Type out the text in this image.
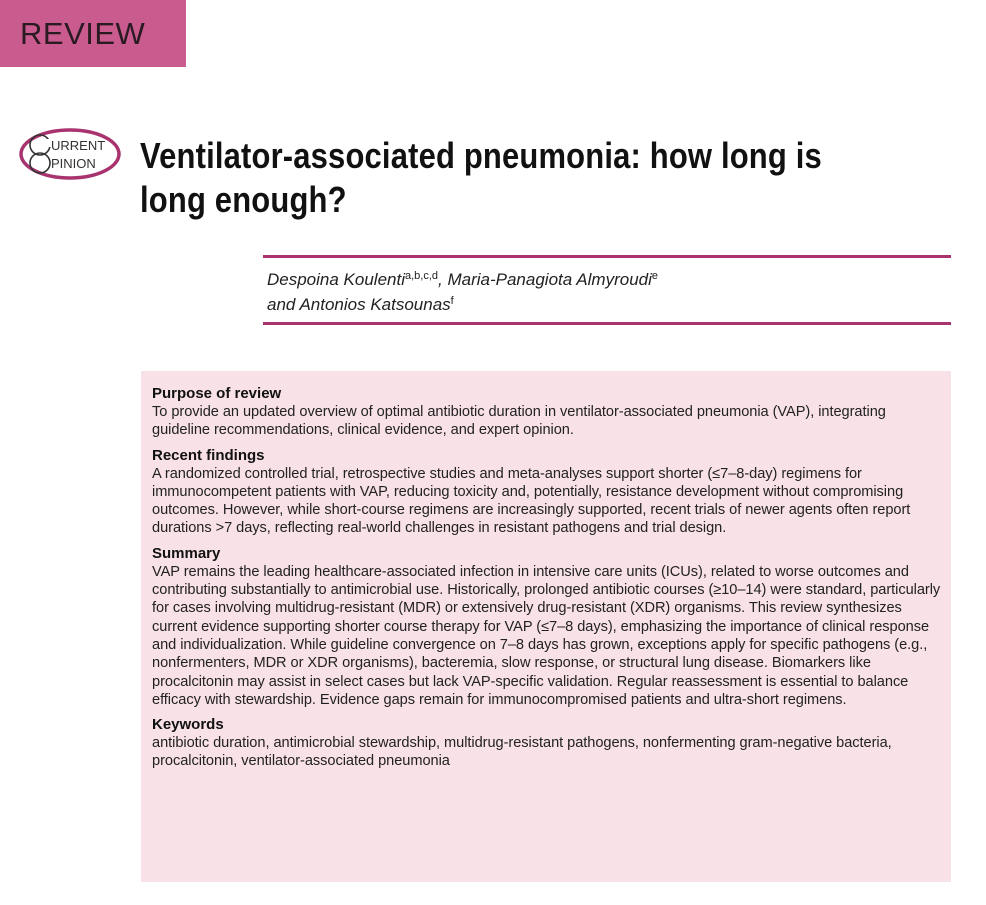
REVIEW
URRENT
PINION Ventilator-associated pneumonia: how long is long enough?
Despoina Koulenti$^{a,b,c,d}$, Maria-Panagiota Almyroudi$^e$
and Antonios Katsounas$^f$
Purpose of review

To provide an updated overview of optimal antibiotic duration in ventilator-associated pneumonia (VAP), integrating guideline recommendations, clinical evidence, and expert opinion.

Recent findings

A randomized controlled trial, retrospective studies and meta-analyses support shorter (≤7–8-day) regimens for immunocompetent patients with VAP, reducing toxicity and, potentially, resistance development without compromising outcomes. However, while short-course regimens are increasingly supported, recent trials of newer agents often report durations >7 days, reflecting real-world challenges in resistant pathogens and trial design.

Summary

VAP remains the leading healthcare-associated infection in intensive care units (ICUs), related to worse outcomes and contributing substantially to antimicrobial use. Historically, prolonged antibiotic courses (≥10–14) were standard, particularly for cases involving multidrug-resistant (MDR) or extensively drug-resistant (XDR) organisms. This review synthesizes current evidence supporting shorter course therapy for VAP (≤7–8 days), emphasizing the importance of clinical response and individualization. While guideline convergence on 7–8 days has grown, exceptions apply for specific pathogens (e.g., nonfermenters, MDR or XDR organisms), bacteremia, slow response, or structural lung disease. Biomarkers like procalcitonin may assist in select cases but lack VAP-specific validation. Regular reassessment is essential to balance efficacy with stewardship. Evidence gaps remain for immunocompromised patients and ultra-short regimens.

Keywords

antibiotic duration, antimicrobial stewardship, multidrug-resistant pathogens, nonfermenting gram-negative bacteria, procalcitonin, ventilator-associated pneumonia
